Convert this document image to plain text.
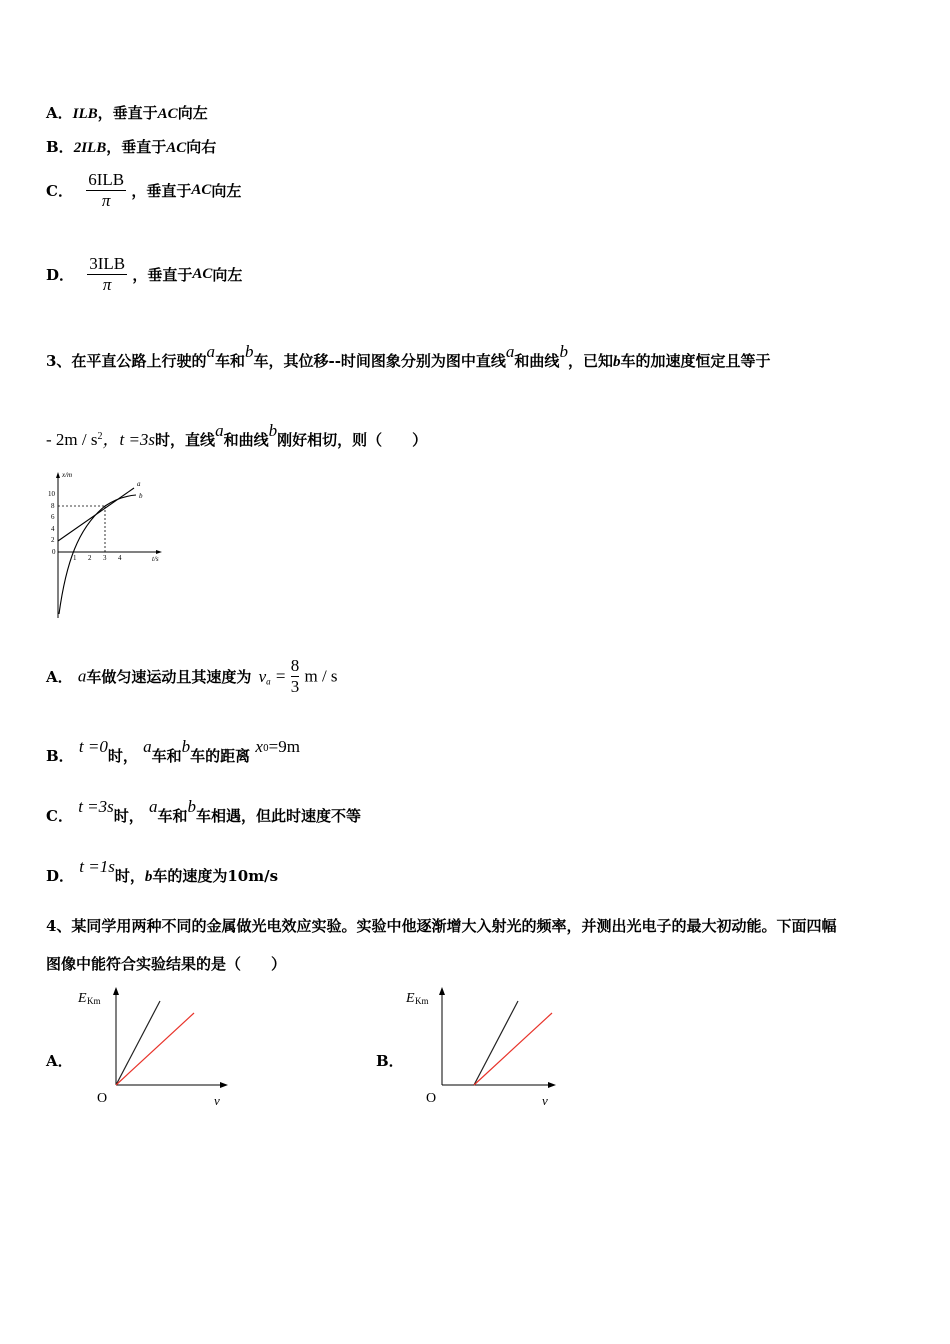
A．ILB，垂直于AC向左
B．2ILB，垂直于AC向右
C． $\frac{\text{6ILB}}{\pi}$ ，垂直于AC向左
D． $\frac{\text{3ILB}}{\pi}$ ，垂直于AC向左
3、在平直公路上行驶的a车和b车，其位移--时间图象分别为图中直线a和曲线b，已知b车的加速度恒定且等于
- $2m / s^2$，t =3s时，直线a和曲线b刚好相切，则（　　）
x/m
t/s
10
8
6
4
2
0
1 2 3 4
a
b
A． a车做匀速运动且其速度为 $v_a = \frac{8}{3}$ m / s
B． t =0时， a车和b车的距离 $x_0=9m$
C． t =3s时， a车和b车相遇，但此时速度不等
D． t =1s时，b车的速度为10m/s
4、某同学用两种不同的金属做光电效应实验。实验中他逐渐增大入射光的频率，并测出光电子的最大初动能。下面四幅
图像中能符合实验结果的是（　　）
A．
E Km
O	ν
B．
E Km
O	ν
